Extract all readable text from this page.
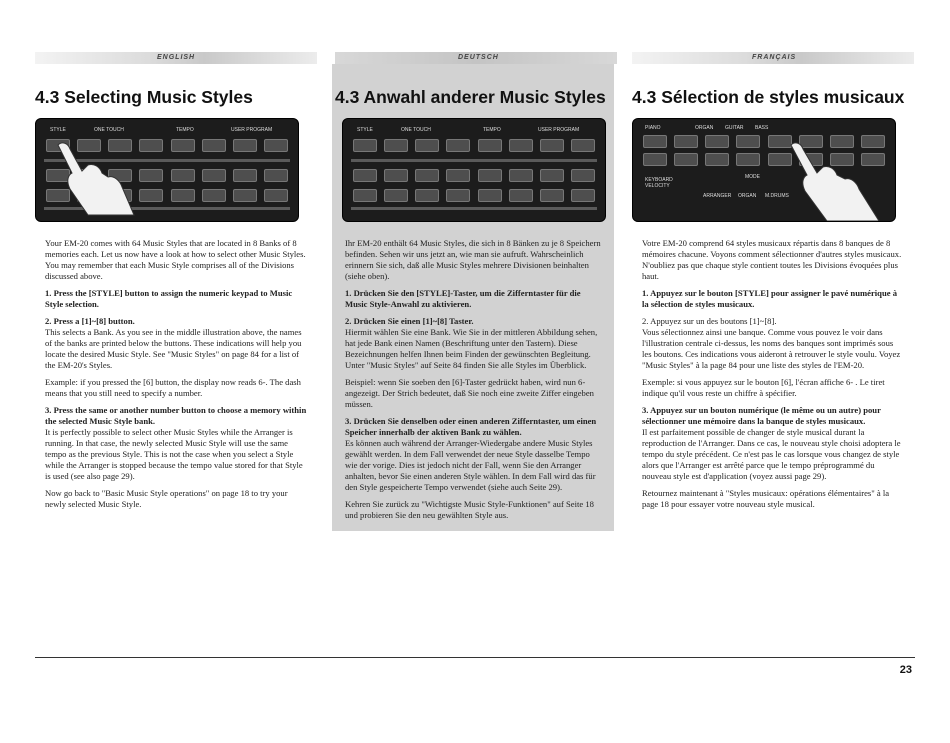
ENGLISH
4.3 Selecting Music Styles
STYLE	ONE TOUCH	TEMPO	USER PROGRAM

Your EM-20 comes with 64 Music Styles that are located in 8 Banks of 8 memories each. Let us now have a look at how to select other Music Styles. You may remember that each Music Style comprises all of the Divisions discussed above.

1. Press the [STYLE] button to assign the numeric keypad to Music Style selection.

2. Press a [1]~[8] button.

This selects a Bank. As you see in the middle illustration above, the names of the banks are printed below the buttons. These indications will help you locate the desired Music Style. See "Music Styles" on page 84 for a list of the EM-20's Styles.

Example: if you pressed the [6] button, the display now reads 6-. The dash means that you still need to specify a number.

3. Press the same or another number button to choose a memory within the selected Music Style bank.

It is perfectly possible to select other Music Styles while the Arranger is running. In that case, the newly selected Music Style will use the same tempo as the previous Style. This is not the case when you select a Style while the Arranger is stopped because the tempo value stored for that Style is used (see also page 29).

Now go back to "Basic Music Style operations" on page 18 to try your newly selected Music Style.

DEUTSCH
4.3 Anwahl anderer Music Styles
STYLE	ONE TOUCH	TEMPO	USER PROGRAM

Ihr EM-20 enthält 64 Music Styles, die sich in 8 Bänken zu je 8 Speichern befinden. Sehen wir uns jetzt an, wie man sie aufruft. Wahrscheinlich erinnern Sie sich, daß alle Music Styles mehrere Divisionen beinhalten (siehe oben).

1. Drücken Sie den [STYLE]-Taster, um die Zifferntaster für die Music Style-Anwahl zu aktivieren.

2. Drücken Sie einen [1]~[8] Taster.

Hiermit wählen Sie eine Bank. Wie Sie in der mittleren Abbildung sehen, hat jede Bank einen Namen (Beschriftung unter den Tastern). Diese Bezeichnungen helfen Ihnen beim Finden der gewünschten Begleitung. Unter "Music Styles" auf Seite 84 finden Sie alle Styles im Überblick.

Beispiel: wenn Sie soeben den [6]-Taster gedrückt haben, wird nun 6- angezeigt. Der Strich bedeutet, daß Sie noch eine zweite Ziffer eingeben müssen.

3. Drücken Sie denselben oder einen anderen Zifferntaster, um einen Speicher innerhalb der aktiven Bank zu wählen.

Es können auch während der Arranger-Wiedergabe andere Music Styles gewählt werden. In dem Fall verwendet der neue Style dasselbe Tempo wie der vorige. Dies ist jedoch nicht der Fall, wenn Sie den Arranger anhalten, bevor Sie einen anderen Style wählen. In dem Fall wird das für den Style gespeicherte Tempo verwendet (siehe auch Seite 29).

Kehren Sie zurück zu "Wichtigste Music Style-Funktionen" auf Seite 18 und probieren Sie den neu gewählten Style aus.

FRANÇAIS
4.3 Sélection de styles musicaux
PIANO	ORGAN GUITAR BASS
KEYBOARD VELOCITY
MODE
ARRANGER ORGAN M.DRUMS

Votre EM-20 comprend 64 styles musicaux répartis dans 8 banques de 8 mémoires chacune. Voyons comment sélectionner d'autres styles musicaux. N'oubliez pas que chaque style contient toutes les Divisions évoquées plus haut.

1. Appuyez sur le bouton [STYLE] pour assigner le pavé numérique à la sélection de styles musicaux.

2. Appuyez sur un des boutons [1]~[8].

Vous sélectionnez ainsi une banque. Comme vous pouvez le voir dans l'illustration centrale ci-dessus, les noms des banques sont imprimés sous les boutons. Ces indications vous aideront à retrouver le style voulu. Voyez "Music Styles" à la page 84 pour une liste des styles de l'EM-20.

Exemple: si vous appuyez sur le bouton [6], l'écran affiche 6- . Le tiret indique qu'il vous reste un chiffre à spécifier.

3. Appuyez sur un bouton numérique (le même ou un autre) pour sélectionner une mémoire dans la banque de styles musicaux.

Il est parfaitement possible de changer de style musical durant la reproduction de l'Arranger. Dans ce cas, le nouveau style choisi adoptera le tempo du style précédent. Ce n'est pas le cas lorsque vous changez de style alors que l'Arranger est arrêté parce que le tempo préprogrammé du nouveau style est d'application (voyez aussi page 29).

Retournez maintenant à "Styles musicaux: opérations élémentaires" à la page 18 pour essayer votre nouveau style musical.

23
